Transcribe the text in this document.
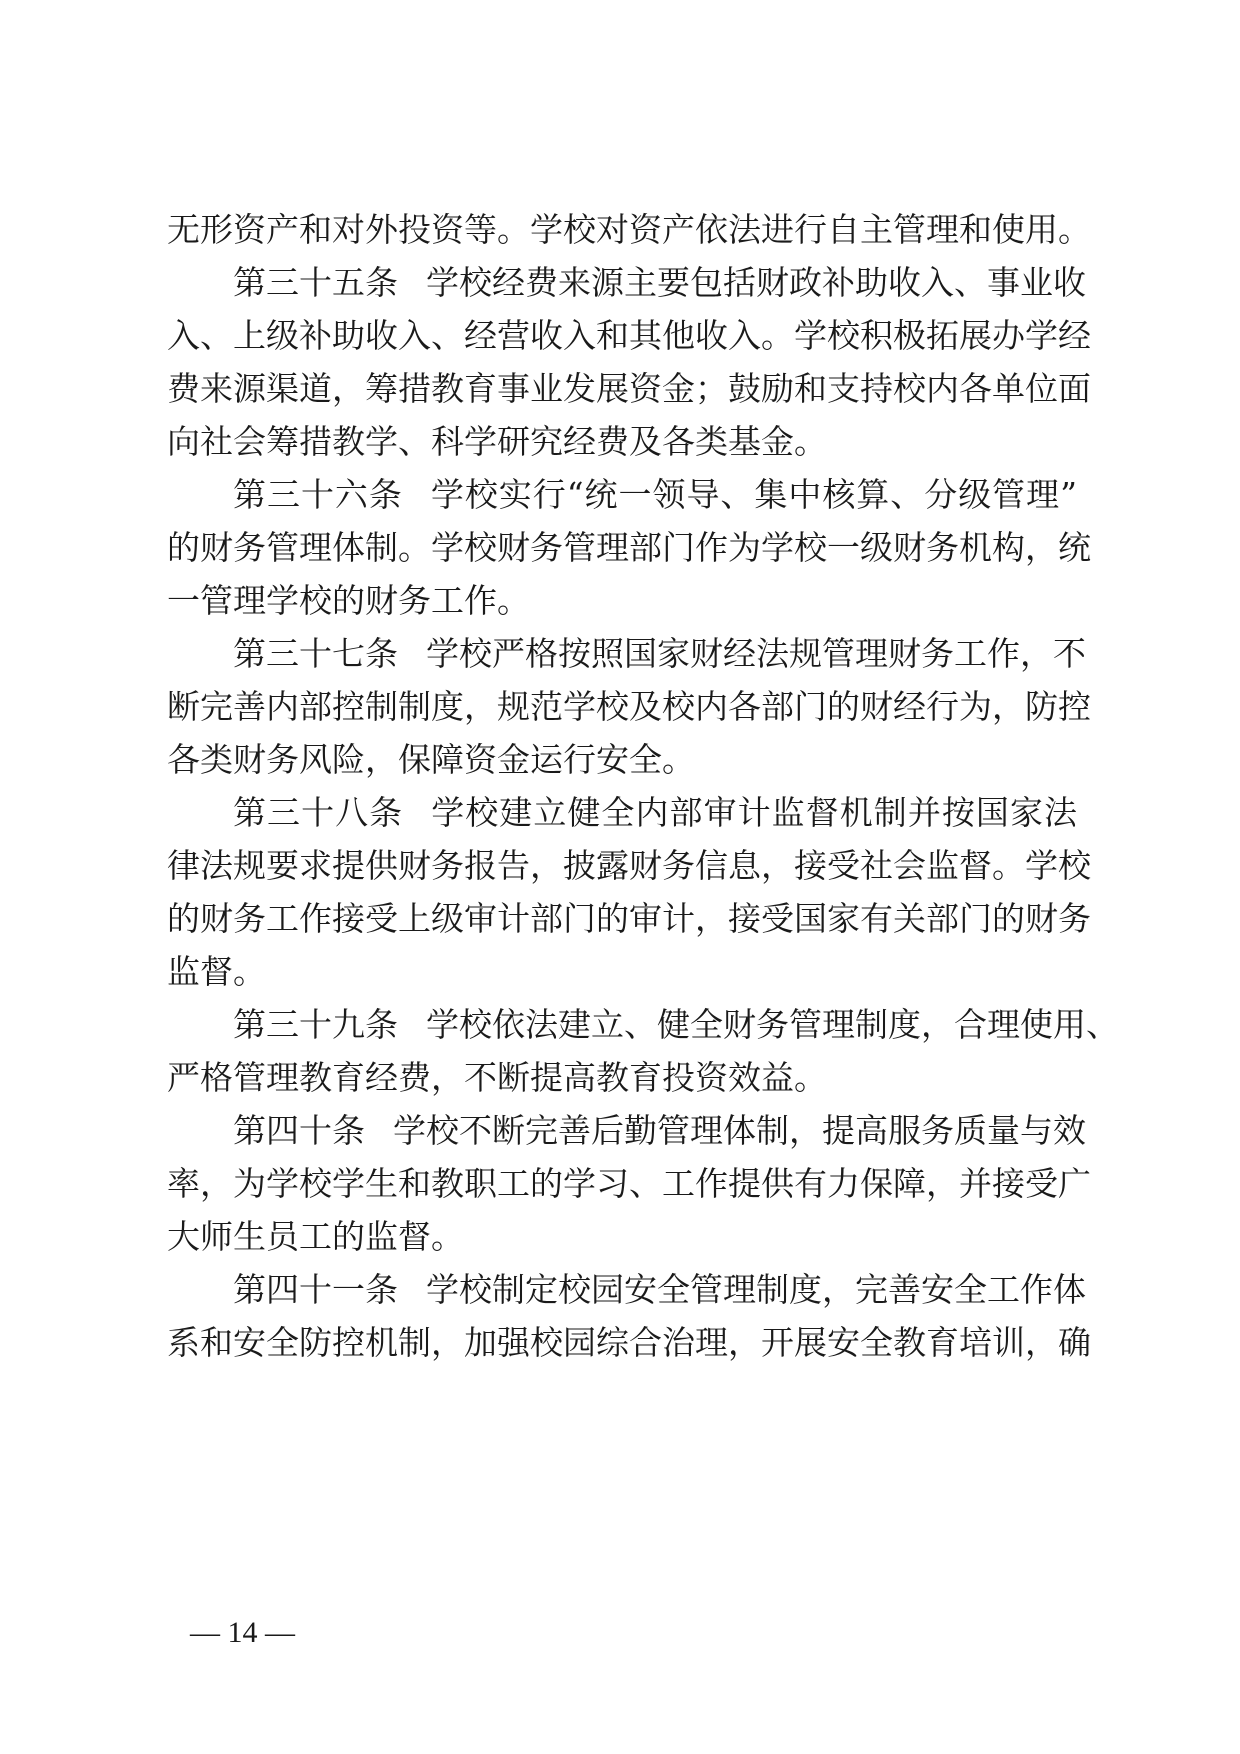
无形资产和对外投资等。学校对资产依法进行自主管理和使用。
第三十五条 学校经费来源主要包括财政补助收入、事业收
入、上级补助收入、经营收入和其他收入。学校积极拓展办学经
费来源渠道，筹措教育事业发展资金；鼓励和支持校内各单位面
向社会筹措教学、科学研究经费及各类基金。
第三十六条 学校实行“统一领导、集中核算、分级管理”
的财务管理体制。学校财务管理部门作为学校一级财务机构，统
一管理学校的财务工作。
第三十七条 学校严格按照国家财经法规管理财务工作，不
断完善内部控制制度，规范学校及校内各部门的财经行为，防控
各类财务风险，保障资金运行安全。
第三十八条 学校建立健全内部审计监督机制并按国家法
律法规要求提供财务报告，披露财务信息，接受社会监督。学校
的财务工作接受上级审计部门的审计，接受国家有关部门的财务
监督。
第三十九条 学校依法建立、健全财务管理制度，合理使用、
严格管理教育经费，不断提高教育投资效益。
第四十条 学校不断完善后勤管理体制，提高服务质量与效
率，为学校学生和教职工的学习、工作提供有力保障，并接受广
大师生员工的监督。
第四十一条 学校制定校园安全管理制度，完善安全工作体
系和安全防控机制，加强校园综合治理，开展安全教育培训，确
— 14 —
